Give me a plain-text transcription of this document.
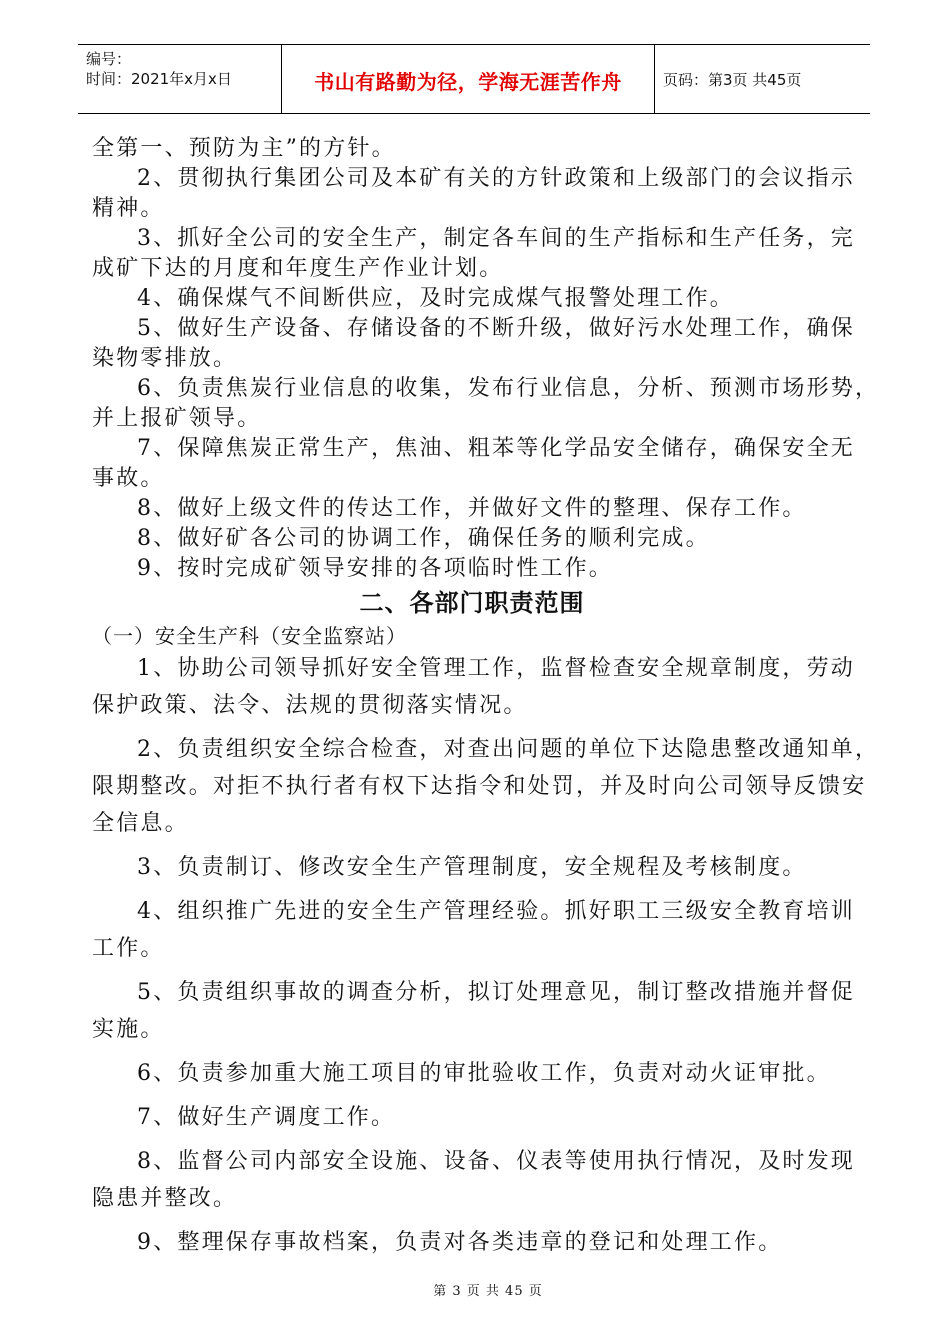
编号：
时间：2021年x月x日	书山有路勤为径，学海无涯苦作舟	页码：第3页 共45页

全第一、预防为主”的方针。

2、贯彻执行集团公司及本矿有关的方针政策和上级部门的会议指示

精神。

3、抓好全公司的安全生产，制定各车间的生产指标和生产任务，完

成矿下达的月度和年度生产作业计划。

4、确保煤气不间断供应，及时完成煤气报警处理工作。

5、做好生产设备、存储设备的不断升级，做好污水处理工作，确保

染物零排放。

6、负责焦炭行业信息的收集，发布行业信息，分析、预测市场形势，

并上报矿领导。

7、保障焦炭正常生产，焦油、粗苯等化学品安全储存，确保安全无

事故。

8、做好上级文件的传达工作，并做好文件的整理、保存工作。

8、做好矿各公司的协调工作，确保任务的顺利完成。

9、按时完成矿领导安排的各项临时性工作。

二、各部门职责范围
（一）安全生产科（安全监察站）

1、协助公司领导抓好安全管理工作，监督检查安全规章制度，劳动

保护政策、法令、法规的贯彻落实情况。

2、负责组织安全综合检查，对查出问题的单位下达隐患整改通知单，

限期整改。对拒不执行者有权下达指令和处罚，并及时向公司领导反馈安

全信息。

3、负责制订、修改安全生产管理制度，安全规程及考核制度。

4、组织推广先进的安全生产管理经验。抓好职工三级安全教育培训

工作。

5、负责组织事故的调查分析，拟订处理意见，制订整改措施并督促

实施。

6、负责参加重大施工项目的审批验收工作，负责对动火证审批。

7、做好生产调度工作。

8、监督公司内部安全设施、设备、仪表等使用执行情况，及时发现

隐患并整改。

9、整理保存事故档案，负责对各类违章的登记和处理工作。

第 3 页 共 45 页
